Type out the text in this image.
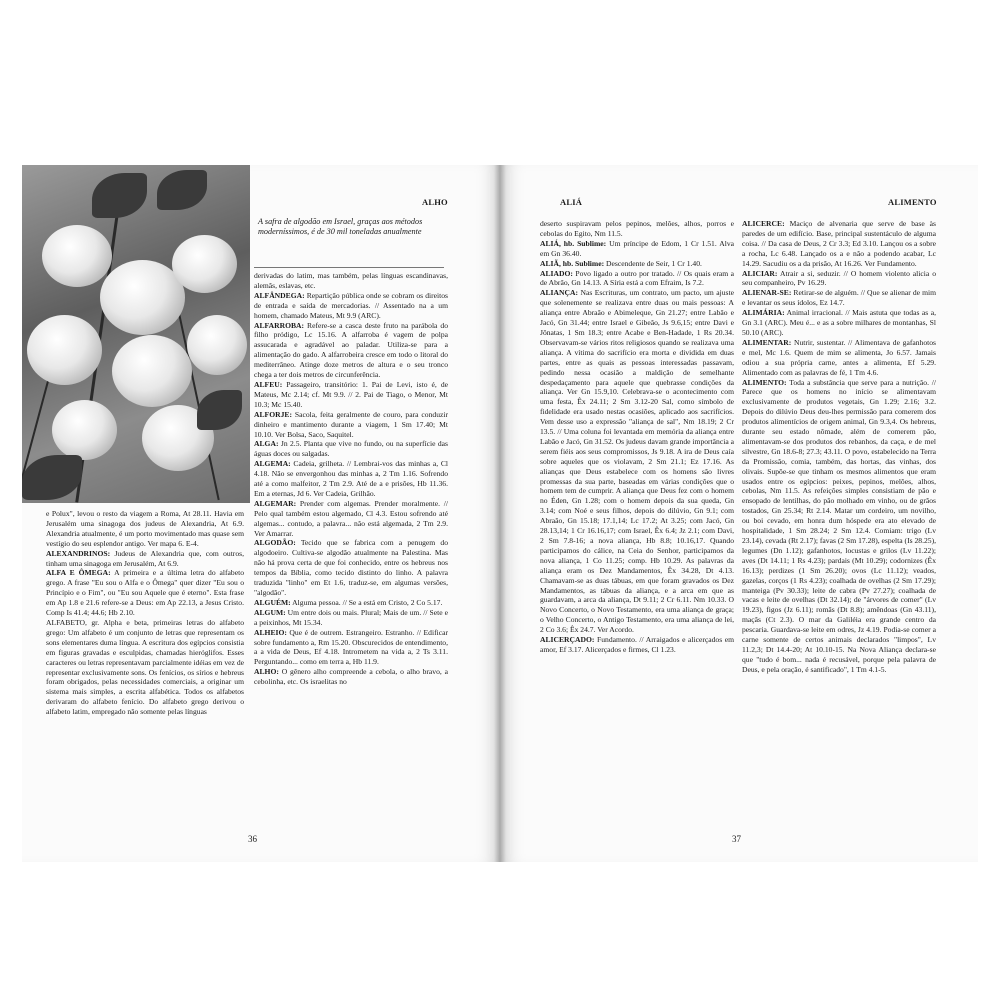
ALHO
A safra de algodão em Israel, graças aos métodos moderníssimos, é de 30 mil toneladas anualmente

e Polux", levou o resto da viagem a Roma, At 28.11. Havia em Jerusalém uma sinagoga dos judeus de Alexandria, At 6.9. Alexandria atualmente, é um porto movimentado mas quase sem vestígio do seu esplendor antigo. Ver mapa 6. E-4.

ALEXANDRINOS: Judeus de Alexandria que, com outros, tinham uma sinagoga em Jerusalém, At 6.9.

ALFA E ÔMEGA: A primeira e a última letra do alfabeto grego. A frase "Eu sou o Alfa e o Ômega" quer dizer "Eu sou o Princípio e o Fim", ou "Eu sou Aquele que é eterno". Esta frase em Ap 1.8 e 21.6 refere-se a Deus: em Ap 22.13, a Jesus Cristo. Comp Is 41.4; 44.6; Hb 2.10.

ALFABETO, gr. Alpha e beta, primeiras letras do alfabeto grego: Um alfabeto é um conjunto de letras que representam os sons elementares duma língua. A escritura dos egípcios consistia em figuras gravadas e esculpidas, chamadas hieróglifos. Esses caracteres ou letras representavam parcialmente idéias em vez de representar exclusivamente sons. Os fenícios, os sírios e hebreus foram obrigados, pelas necessidades comerciais, a originar um sistema mais simples, a escrita alfabética. Todos os alfabetos derivaram do alfabeto fenício. Do alfabeto grego derivou o alfabeto latim, empregado não somente pelas línguas

derivadas do latim, mas também, pelas línguas escandinavas, alemãs, eslavas, etc.

ALFÂNDEGA: Repartição pública onde se cobram os direitos de entrada e saída de mercadorias. // Assentado na a um homem, chamado Mateus, Mt 9.9 (ARC).

ALFARROBA: Refere-se a casca deste fruto na parábola do filho pródigo, Lc 15.16. A alfarroba é vagem de polpa assucarada e agradável ao paladar. Utiliza-se para a alimentação do gado. A alfarrobeira cresce em todo o litoral do mediterrâneo. Atinge doze metros de altura e o seu tronco chega a ter dois metros de circunferência.

ALFEU: Passageiro, transitório: 1. Pai de Levi, isto é, de Mateus, Mc 2.14; cf. Mt 9.9. // 2. Pai de Tiago, o Menor, Mt 10.3; Mc 15.40.

ALFORJE: Sacola, feita geralmente de couro, para conduzir dinheiro e mantimento durante a viagem, 1 Sm 17.40; Mt 10.10. Ver Bolsa, Saco, Saquitel.

ALGA: Jn 2.5. Planta que vive no fundo, ou na superfície das águas doces ou salgadas.

ALGEMA: Cadeia, grilheta. // Lembrai-vos das minhas a, Cl 4.18. Não se envergonhou das minhas a, 2 Tm 1.16. Sofrendo até a como malfeitor, 2 Tm 2.9. Até de a e prisões, Hb 11.36. Em a eternas, Jd 6. Ver Cadeia, Grilhão.

ALGEMAR: Prender com algemas. Prender moralmente. // Pelo qual também estou algemado, Cl 4.3. Estou sofrendo até algemas... contudo, a palavra... não está algemada, 2 Tm 2.9. Ver Amarrar.

ALGODÃO: Tecido que se fabrica com a penugem do algodoeiro. Cultiva-se algodão atualmente na Palestina. Mas não há prova certa de que foi conhecido, entre os hebreus nos tempos da Bíblia, como tecido distinto do linho. A palavra traduzida "linho" em Et 1.6, traduz-se, em algumas versões, "algodão".

ALGUÉM: Alguma pessoa. // Se a está em Cristo, 2 Co 5.17.

ALGUM: Um entre dois ou mais. Plural; Mais de um. // Sete e a peixinhos, Mt 15.34.

ALHEIO: Que é de outrem. Estrangeiro. Estranho. // Edificar sobre fundamento a, Rm 15.20. Obscurecidos de entendimento, a a vida de Deus, Ef 4.18. Intrometem na vida a, 2 Ts 3.11. Perguntando... como em terra a, Hb 11.9.

ALHO: O gênero alho compreende a cebola, o alho bravo, a cebolinha, etc. Os israelitas no

36
ALIÁ	ALIMENTO

deserto suspiravam pelos pepinos, melões, alhos, porros e cebolas do Egito, Nm 11.5.

ALIÁ, hb. Sublime: Um príncipe de Edom, 1 Cr 1.51. Alva em Gn 36.40.

ALIÃ, hb. Sublime: Descendente de Seir, 1 Cr 1.40.

ALIADO: Povo ligado a outro por tratado. // Os quais eram a de Abrão, Gn 14.13. A Síria está a com Efraim, Is 7.2.

ALIANÇA: Nas Escrituras, um contrato, um pacto, um ajuste que solenemente se realizava entre duas ou mais pessoas: A aliança entre Abraão e Abimeleque, Gn 21.27; entre Labão e Jacó, Gn 31.44; entre Israel e Gibeão, Js 9.6,15; entre Davi e Jônatas, 1 Sm 18.3; entre Acabe e Ben-Hadade, 1 Rs 20.34. Observavam-se vários ritos religiosos quando se realizava uma aliança. A vítima do sacrifício era morta e dividida em duas partes, entre as quais as pessoas interessadas passavam, pedindo nessa ocasião a maldição de semelhante despedaçamento para aquele que quebrasse condições da aliança. Ver Gn 15.9,10. Celebrava-se o acontecimento com uma festa, Êx 24.11; 2 Sm 3.12-20 Sal, como símbolo de fidelidade era usado nestas ocasiões, aplicado aos sacrifícios. Vem desse uso a expressão "aliança de sal", Nm 18.19; 2 Cr 13.5. // Uma coluna foi levantada em memória da aliança entre Labão e Jacó, Gn 31.52. Os judeus davam grande importância a serem fiéis aos seus compromissos, Js 9.18. A ira de Deus caía sobre aqueles que os violavam, 2 Sm 21.1; Ez 17.16. As alianças que Deus estabelece com os homens são livres promessas da sua parte, baseadas em várias condições que o homem tem de cumprir. A aliança que Deus fez com o homem no Éden, Gn 1.28; com o homem depois da sua queda, Gn 3.14; com Noé e seus filhos, depois do dilúvio, Gn 9.1; com Abraão, Gn 15.18; 17.1,14; Lc 17.2; At 3.25; com Jacó, Gn 28.13,14; 1 Cr 16.16,17; com Israel, Êx 6.4; Jz 2.1; com Davi, 2 Sm 7.8-16; a nova aliança, Hb 8.8; 10.16,17. Quando participamos do cálice, na Ceia do Senhor, participamos da nova aliança, 1 Co 11.25; comp. Hb 10.29. As palavras da aliança eram os Dez Mandamentos, Êx 34.28, Dt 4.13. Chamavam-se as duas tábuas, em que foram gravados os Dez Mandamentos, as tábuas da aliança, e a arca em que as guardavam, a arca da aliança, Dt 9.11; 2 Cr 6.11. Nm 10.33. O Novo Concerto, o Novo Testamento, era uma aliança de graça; o Velho Concerto, o Antigo Testamento, era uma aliança de lei, 2 Co 3.6; Êx 24.7. Ver Acordo.

ALICERÇADO: Fundamento. // Arraigados e alicerçados em amor, Ef 3.17. Alicerçados e firmes, Cl 1.23.

ALICERCE: Maciço de alvenaria que serve de base às paredes de um edifício. Base, principal sustentáculo de alguma coisa. // Da casa de Deus, 2 Cr 3.3; Ed 3.10. Lançou os a sobre a rocha, Lc 6.48. Lançado os a e não a podendo acabar, Lc 14.29. Sacudiu os a da prisão, At 16.26. Ver Fundamento.

ALICIAR: Atrair a si, seduzir. // O homem violento alicia o seu companheiro, Pv 16.29.

ALIENAR-SE: Retirar-se de alguém. // Que se alienar de mim e levantar os seus ídolos, Ez 14.7.

ALIMÁRIA: Animal irracional. // Mais astuta que todas as a, Gn 3.1 (ARC). Meu é... e as a sobre milhares de montanhas, Sl 50.10 (ARC).

ALIMENTAR: Nutrir, sustentar. // Alimentava de gafanhotos e mel, Mc 1.6. Quem de mim se alimenta, Jo 6.57. Jamais odiou a sua própria carne, antes a alimenta, Ef 5.29. Alimentado com as palavras de fé, 1 Tm 4.6.

ALIMENTO: Toda a substância que serve para a nutrição. // Parece que os homens no início se alimentavam exclusivamente de produtos vegetais, Gn 1.29; 2.16; 3.2. Depois do dilúvio Deus deu-lhes permissão para comerem dos produtos alimentícios de origem animal, Gn 9.3,4. Os hebreus, durante seu estado nômade, além de comerem pão, alimentavam-se dos produtos dos rebanhos, da caça, e de mel silvestre, Gn 18.6-8; 27.3; 43.11. O povo, estabelecido na Terra da Promissão, comia, também, das hortas, das vinhas, dos olivais. Supõe-se que tinham os mesmos alimentos que eram usados entre os egípcios: peixes, pepinos, melões, alhos, cebolas, Nm 11.5. As refeições simples consistiam de pão e ensopado de lentilhas, do pão molhado em vinho, ou de grãos tostados, Gn 25.34; Rt 2.14. Matar um cordeiro, um novilho, ou boi cevado, em honra dum hóspede era ato elevado de hospitalidade, 1 Sm 28.24; 2 Sm 12.4. Comiam: trigo (Lv 23.14), cevada (Rt 2.17); favas (2 Sm 17.28), espelta (Is 28.25), legumes (Dn 1.12); gafanhotos, locustas e grilos (Lv 11.22); aves (Dt 14.11; 1 Rs 4.23); pardais (Mt 10.29); codornizes (Êx 16.13); perdizes (1 Sm 26.20); ovos (Lc 11.12); veados, gazelas, corços (1 Rs 4.23); coalhada de ovelhas (2 Sm 17.29); manteiga (Pv 30.33); leite de cabra (Pv 27.27); coalhada de vacas e leite de ovelhas (Dt 32.14); de "árvores de comer" (Lv 19.23), figos (Jz 6.11); romãs (Dt 8.8); amêndoas (Gn 43.11), maçãs (Ct 2.3). O mar da Galiléia era grande centro da pescaria. Guardava-se leite em odres, Jz 4.19. Podia-se comer a carne somente de certos animais declarados "limpos", Lv 11.2,3; Dt 14.4-20; At 10.10-15. Na Nova Aliança declara-se que "tudo é bom... nada é recusável, porque pela palavra de Deus, e pela oração, é santificado", 1 Tm 4.1-5.

37
